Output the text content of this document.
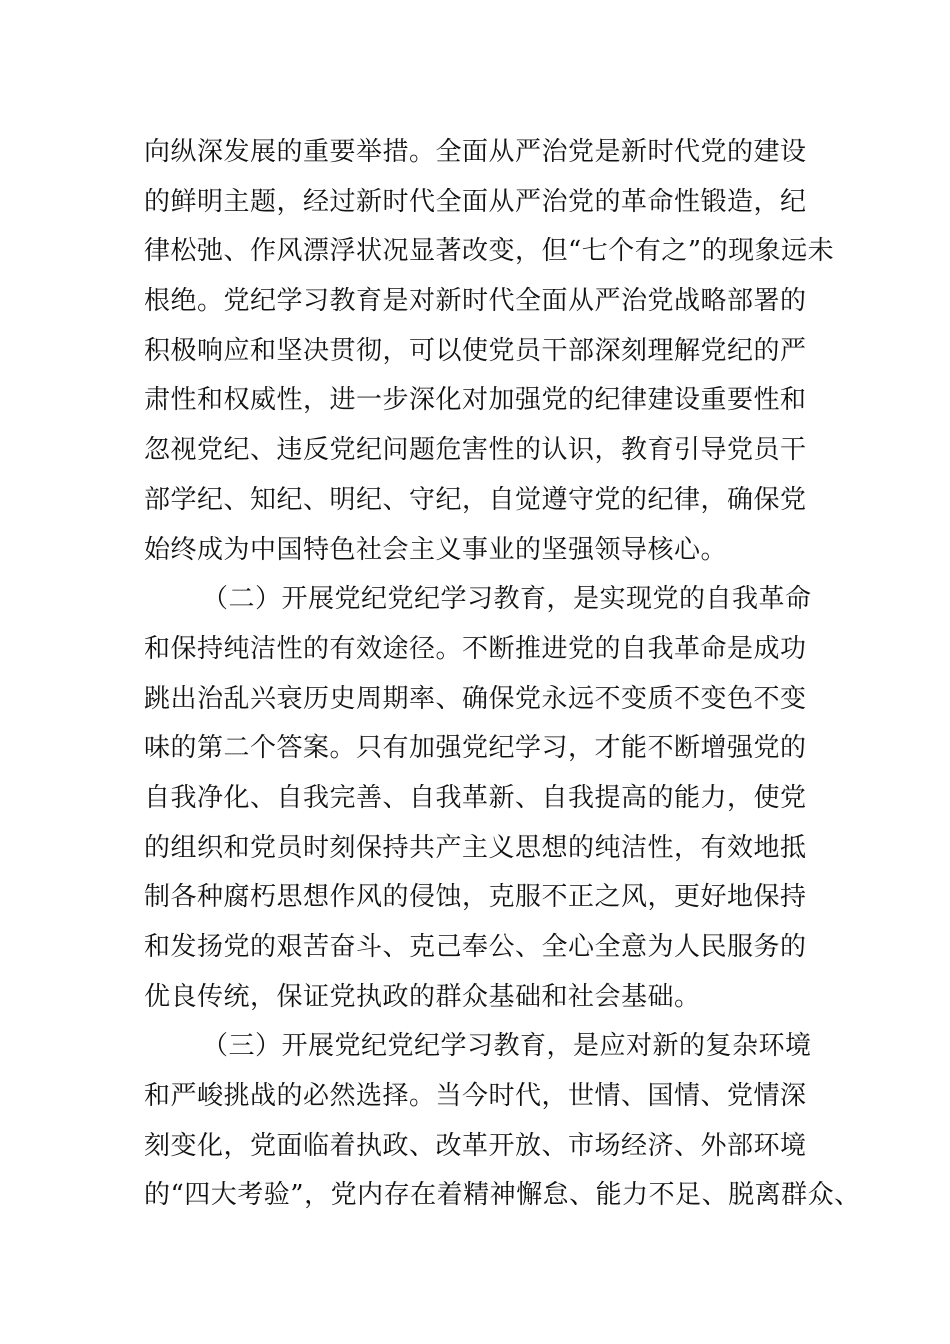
向纵深发展的重要举措。全面从严治党是新时代党的建设
的鲜明主题，经过新时代全面从严治党的革命性锻造，纪
律松弛、作风漂浮状况显著改变，但“七个有之”的现象远未
根绝。党纪学习教育是对新时代全面从严治党战略部署的
积极响应和坚决贯彻，可以使党员干部深刻理解党纪的严
肃性和权威性，进一步深化对加强党的纪律建设重要性和
忽视党纪、违反党纪问题危害性的认识，教育引导党员干
部学纪、知纪、明纪、守纪，自觉遵守党的纪律，确保党
始终成为中国特色社会主义事业的坚强领导核心。
（二）开展党纪党纪学习教育，是实现党的自我革命
和保持纯洁性的有效途径。不断推进党的自我革命是成功
跳出治乱兴衰历史周期率、确保党永远不变质不变色不变
味的第二个答案。只有加强党纪学习，才能不断增强党的
自我净化、自我完善、自我革新、自我提高的能力，使党
的组织和党员时刻保持共产主义思想的纯洁性，有效地抵
制各种腐朽思想作风的侵蚀，克服不正之风，更好地保持
和发扬党的艰苦奋斗、克己奉公、全心全意为人民服务的
优良传统，保证党执政的群众基础和社会基础。
（三）开展党纪党纪学习教育，是应对新的复杂环境
和严峻挑战的必然选择。当今时代，世情、国情、党情深
刻变化，党面临着执政、改革开放、市场经济、外部环境
的“四大考验”，党内存在着精神懈怠、能力不足、脱离群众、
